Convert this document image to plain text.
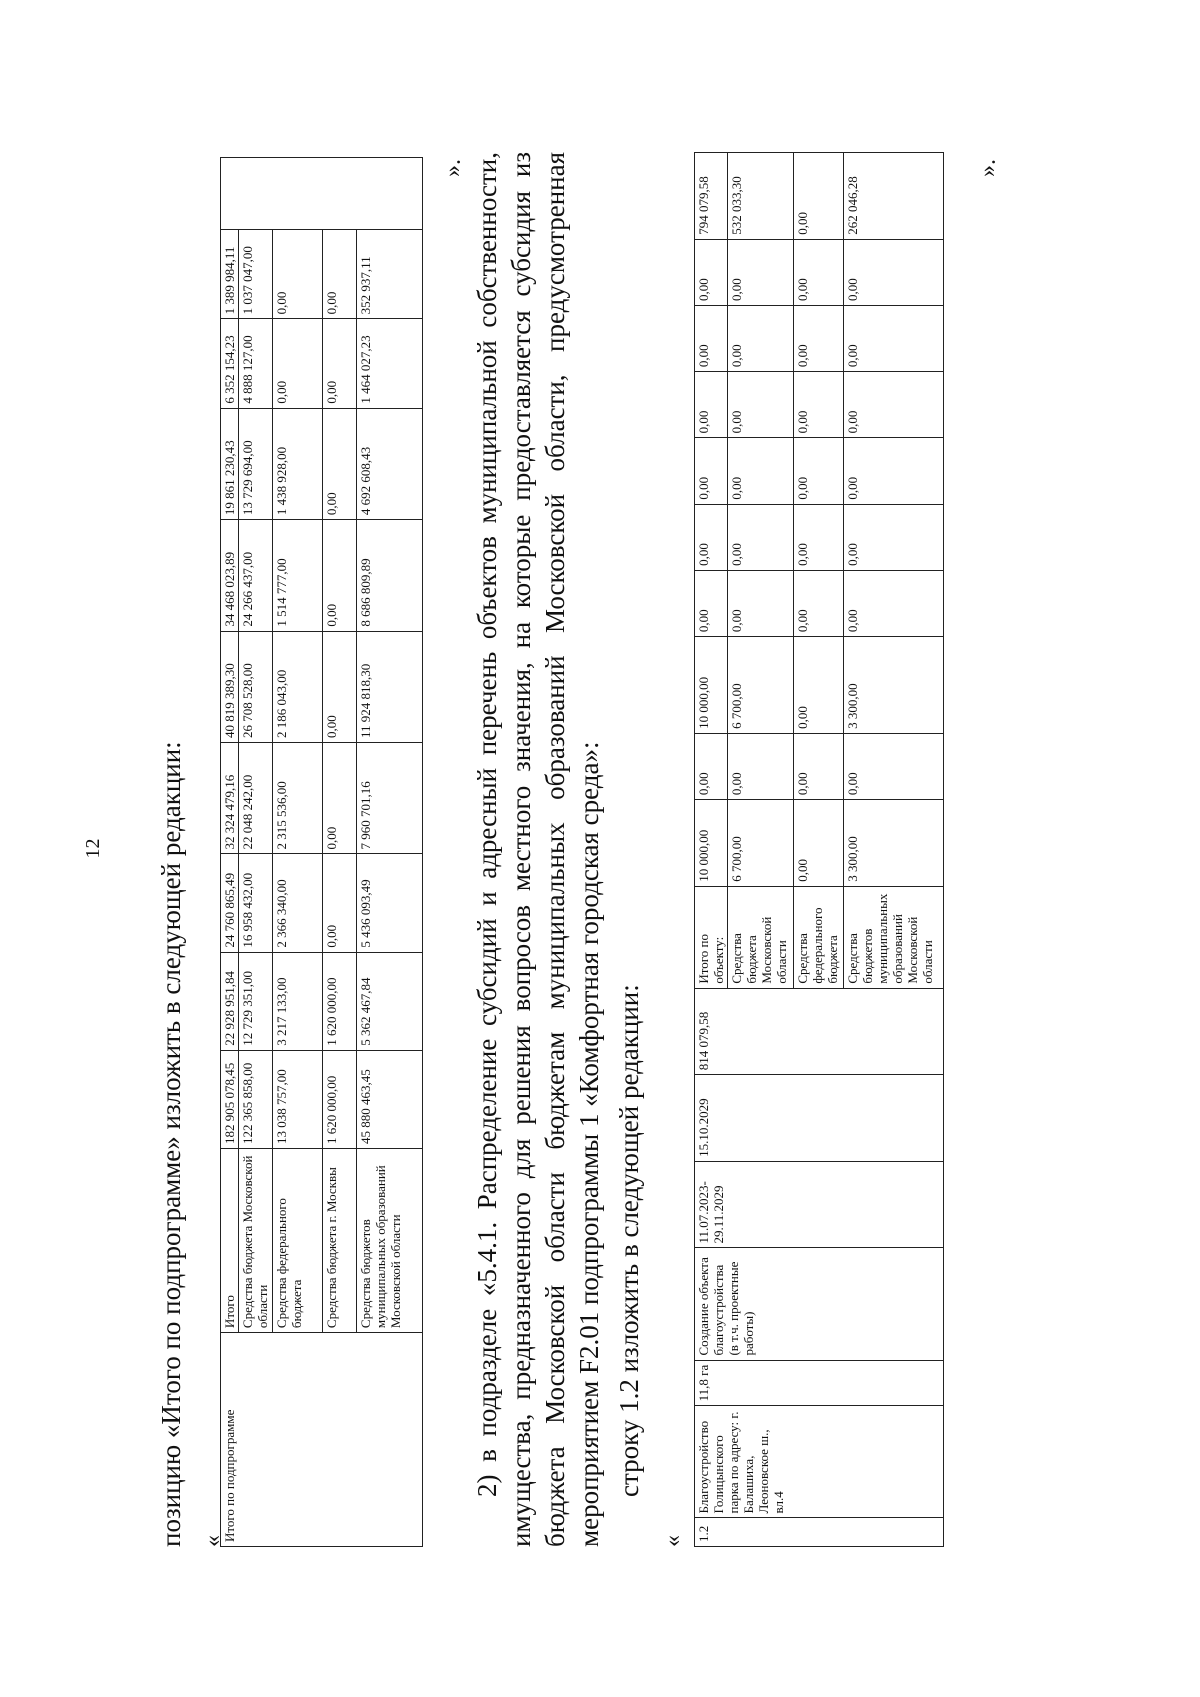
12 позицию «Итого по подпрограмме» изложить в следующей редакции: «
Итого по подпрограмме	Итого	182 905 078,45	22 928 951,84	24 760 865,49	32 324 479,16	40 819 389,30	34 468 023,89	19 861 230,43	6 352 154,23	1 389 984,11	
	Средства бюджета Московской области	122 365 858,00	12 729 351,00	16 958 432,00	22 048 242,00	26 708 528,00	24 266 437,00	13 729 694,00	4 888 127,00	1 037 047,00	
	Средства федерального бюджета	13 038 757,00	3 217 133,00	2 366 340,00	2 315 536,00	2 186 043,00	1 514 777,00	1 438 928,00	0,00	0,00	
	Средства бюджета г. Москвы	1 620 000,00	1 620 000,00	0,00	0,00	0,00	0,00	0,00	0,00	0,00	
	Средства бюджетов муниципальных образований Московской области	45 880 463,45	5 362 467,84	5 436 093,49	7 960 701,16	11 924 818,30	8 686 809,89	4 692 608,43	1 464 027,23	352 937,11	
». 2) в подразделе «5.4.1. Распределение субсидий и адресный перечень объектов муниципальной собственности, имущества, предназначенного для решения вопросов местного значения, на которые предоставляется субсидия из бюджета Московской области бюджетам муниципальных образований Московской области, предусмотренная мероприятием F2.01 подпрограммы 1 «Комфортная городская среда»: строку 1.2 изложить в следующей редакции:
« 1.2	Благоустройство Голицынского парка по адресу: г. Балашиха, Леоновское ш., вл.4	11,8 га	Создание объекта благоустройства (в т.ч. проектные работы)	11.07.2023-29.11.2029	15.10.2029	814 079,58	Итого по объекту:	10 000,00	0,00	10 000,00	0,00	0,00	0,00	0,00	0,00	0,00	794 079,58
							Средства бюджета Московской области	6 700,00	0,00	6 700,00	0,00	0,00	0,00	0,00	0,00	0,00	532 033,30
							Средства федерального бюджета	0,00	0,00	0,00	0,00	0,00	0,00	0,00	0,00	0,00	0,00
							Средства бюджетов муниципальных образований Московской области	3 300,00	0,00	3 300,00	0,00	0,00	0,00	0,00	0,00	0,00	262 046,28
».
